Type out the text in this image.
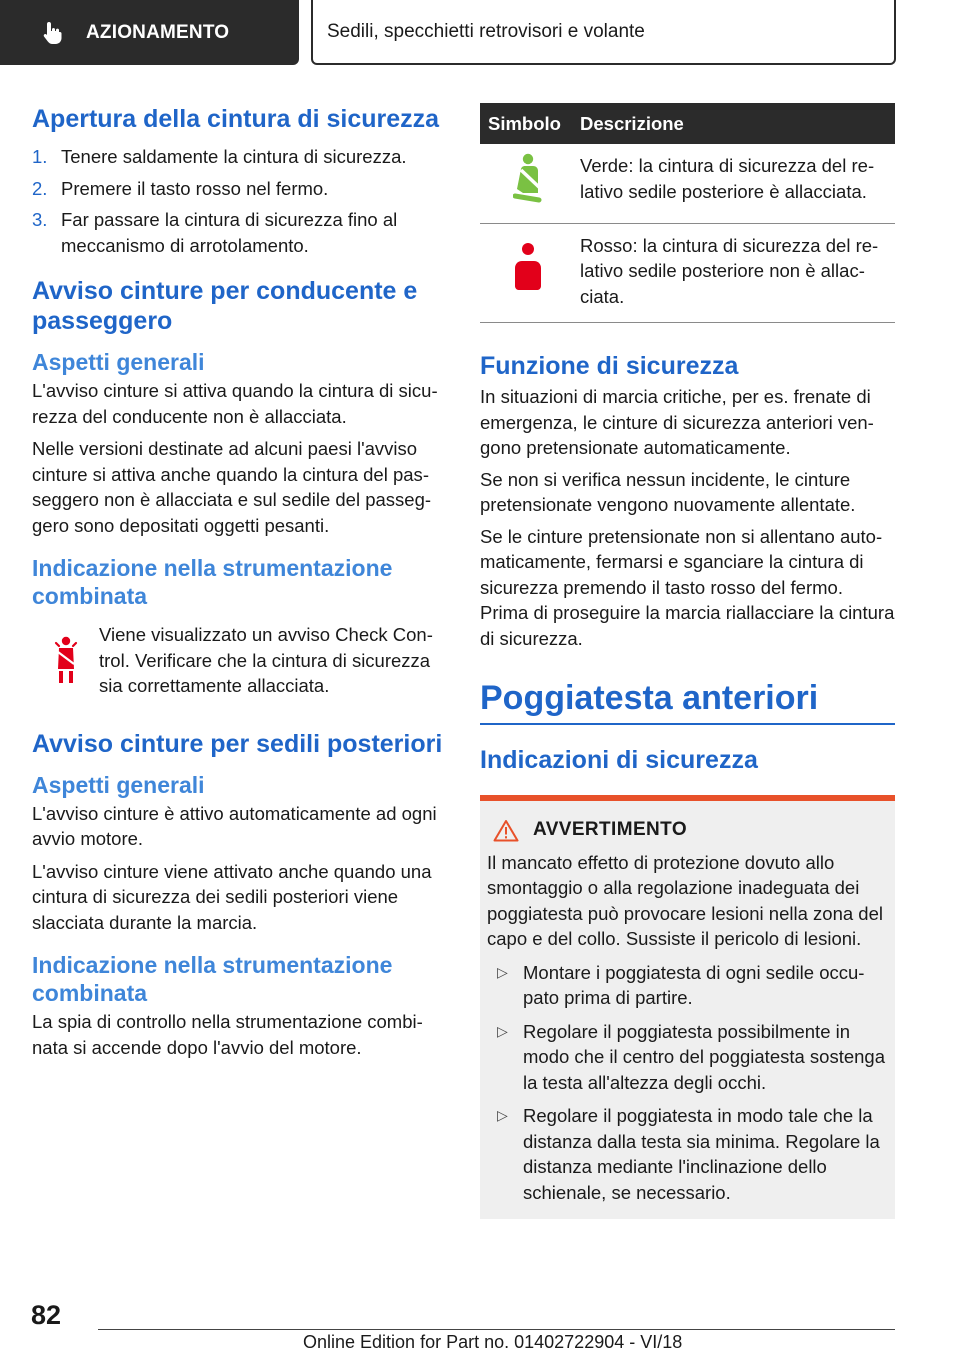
AZIONAMENTO	Sedili, specchietti retrovisori e volante
Apertura della cintura di sicurezza
1. Tenere saldamente la cintura di sicurezza.
2. Premere il tasto rosso nel fermo.
3. Far passare la cintura di sicurezza fino al meccanismo di arrotolamento.
Avviso cinture per conducente e passeggero
Aspetti generali

L'avviso cinture si attiva quando la cintura di sicurezza del conducente non è allacciata.

Nelle versioni destinate ad alcuni paesi l'avviso cinture si attiva anche quando la cintura del passeggero non è allacciata e sul sedile del passeggero sono depositati oggetti pesanti.

Indicazione nella strumentazione combinata

Viene visualizzato un avviso Check Control. Verificare che la cintura di sicurezza sia correttamente allacciata.

Avviso cinture per sedili posteriori
Aspetti generali

L'avviso cinture è attivo automaticamente ad ogni avvio motore.

L'avviso cinture viene attivato anche quando una cintura di sicurezza dei sedili posteriori viene slacciata durante la marcia.

Indicazione nella strumentazione combinata

La spia di controllo nella strumentazione combinata si accende dopo l'avvio del motore.

Simbolo	Descrizione
	Verde: la cintura di sicurezza del relativo sedile posteriore è allacciata.
	Rosso: la cintura di sicurezza del relativo sedile posteriore non è allacciata.
Funzione di sicurezza

In situazioni di marcia critiche, per es. frenate di emergenza, le cinture di sicurezza anteriori vengono pretensionate automaticamente.

Se non si verifica nessun incidente, le cinture pretensionate vengono nuovamente allentate.

Se le cinture pretensionate non si allentano automaticamente, fermarsi e sganciare la cintura di sicurezza premendo il tasto rosso del fermo. Prima di proseguire la marcia riallacciare la cintura di sicurezza.

Poggiatesta anteriori
Indicazioni di sicurezza
AVVERTIMENTO

Il mancato effetto di protezione dovuto allo smontaggio o alla regolazione inadeguata dei poggiatesta può provocare lesioni nella zona del capo e del collo. Sussiste il pericolo di lesioni.

▷ Montare i poggiatesta di ogni sedile occupato prima di partire.

▷ Regolare il poggiatesta possibilmente in modo che il centro del poggiatesta sostenga la testa all'altezza degli occhi.

▷ Regolare il poggiatesta in modo tale che la distanza dalla testa sia minima. Regolare la distanza mediante l'inclinazione dello schienale, se necessario.

82
Online Edition for Part no. 01402722904 - VI/18
